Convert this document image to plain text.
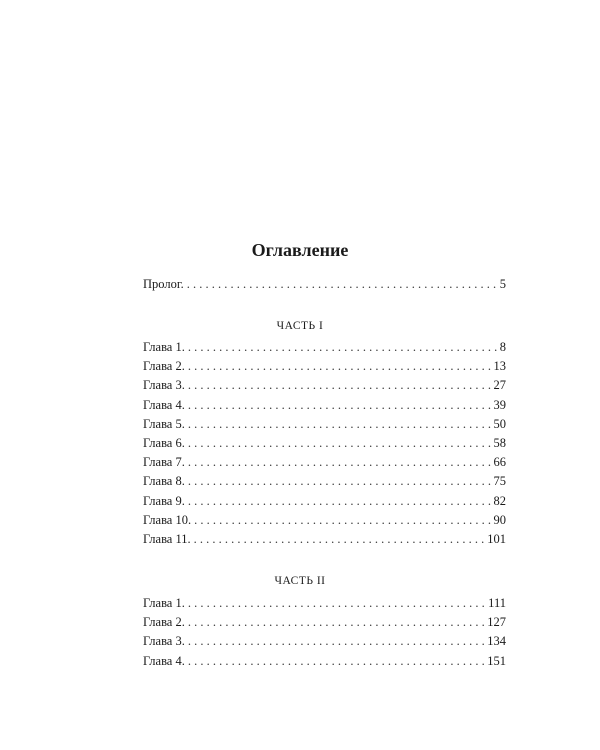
Оглавление
Пролог. . . .	5
ЧАСТЬ I
Глава 1. . . .	8
Глава 2. . . .	13
Глава 3. . . .	27
Глава 4. . . .	39
Глава 5. . . .	50
Глава 6. . . .	58
Глава 7. . . .	66
Глава 8. . . .	75
Глава 9. . . .	82
Глава 10. . . .	90
Глава 11. . . .	101
ЧАСТЬ II
Глава 1. . . .	111
Глава 2. . . .	127
Глава 3. . . .	134
Глава 4. . . .	151
